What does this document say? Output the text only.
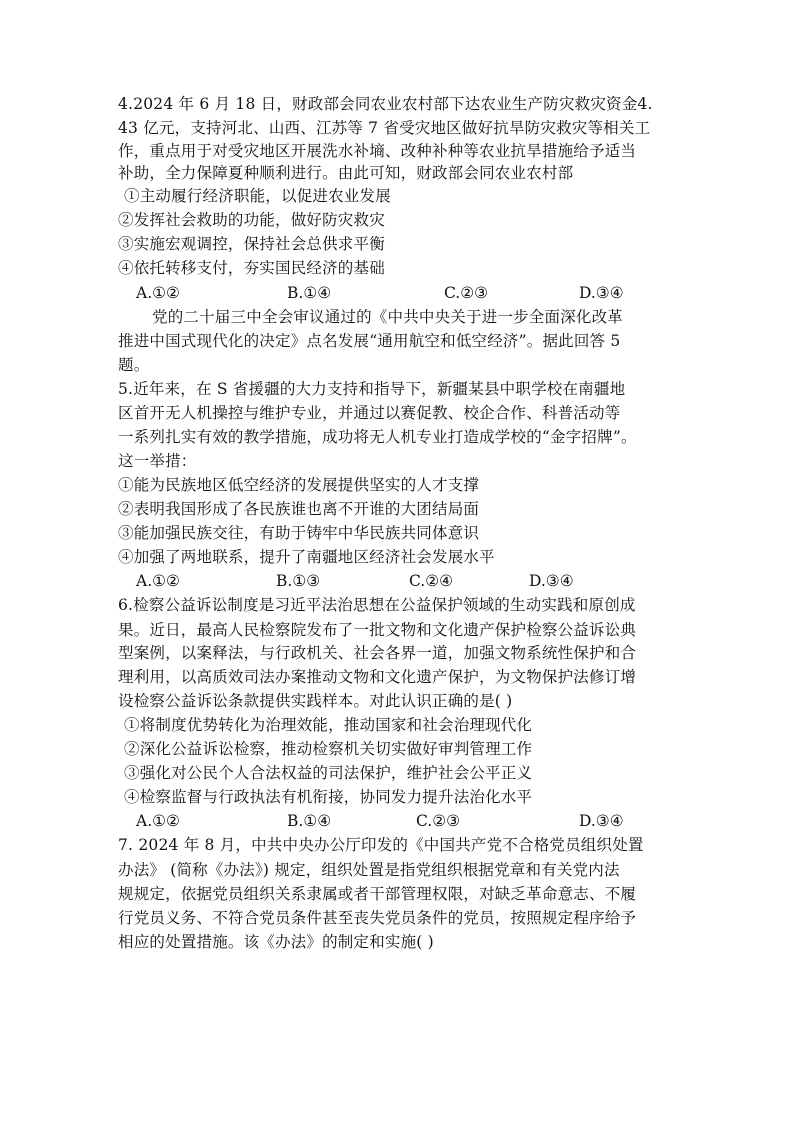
4.2024 年 6 月 18 日，财政部会同农业农村部下达农业生产防灾救灾资金4.
43 亿元，支持河北、山西、江苏等 7 省受灾地区做好抗旱防灾救灾等相关工
作，重点用于对受灾地区开展洗水补墒、改种补种等农业抗旱措施给予适当
补助，全力保障夏种顺利进行。由此可知，财政部会同农业农村部
①主动履行经济职能，以促进农业发展
②发挥社会救助的功能，做好防灾救灾
③实施宏观调控，保持社会总供求平衡
④依托转移支付，夯实国民经济的基础
A.①②	B.①④	C.②③	D.③④
党的二十届三中全会审议通过的《中共中央关于进一步全面深化改革
推进中国式现代化的决定》点名发展“通用航空和低空经济”。据此回答 5
题。
5.近年来，在 S 省援疆的大力支持和指导下，新疆某县中职学校在南疆地
区首开无人机操控与维护专业，并通过以赛促教、校企合作、科普活动等
一系列扎实有效的教学措施，成功将无人机专业打造成学校的“金字招牌”。
这一举措：
①能为民族地区低空经济的发展提供坚实的人才支撑
②表明我国形成了各民族谁也离不开谁的大团结局面
③能加强民族交往，有助于铸牢中华民族共同体意识
④加强了两地联系，提升了南疆地区经济社会发展水平
A.①②	B.①③	C.②④	D.③④
6.检察公益诉讼制度是习近平法治思想在公益保护领域的生动实践和原创成
果。近日，最高人民检察院发布了一批文物和文化遗产保护检察公益诉讼典
型案例，以案释法，与行政机关、社会各界一道，加强文物系统性保护和合
理利用，以高质效司法办案推动文物和文化遗产保护，为文物保护法修订增
设检察公益诉讼条款提供实践样本。对此认识正确的是( )
①将制度优势转化为治理效能，推动国家和社会治理现代化
②深化公益诉讼检察，推动检察机关切实做好审判管理工作
③强化对公民个人合法权益的司法保护，维护社会公平正义
④检察监督与行政执法有机衔接，协同发力提升法治化水平
A.①②	B.①④	C.②③	D.③④
7. 2024 年 8 月，中共中央办公厅印发的《中国共产党不合格党员组织处置
办法》 (简称《办法》) 规定，组织处置是指党组织根据党章和有关党内法
规规定，依据党员组织关系隶属或者干部管理权限，对缺乏革命意志、不履
行党员义务、不符合党员条件甚至丧失党员条件的党员，按照规定程序给予
相应的处置措施。该《办法》的制定和实施( )
